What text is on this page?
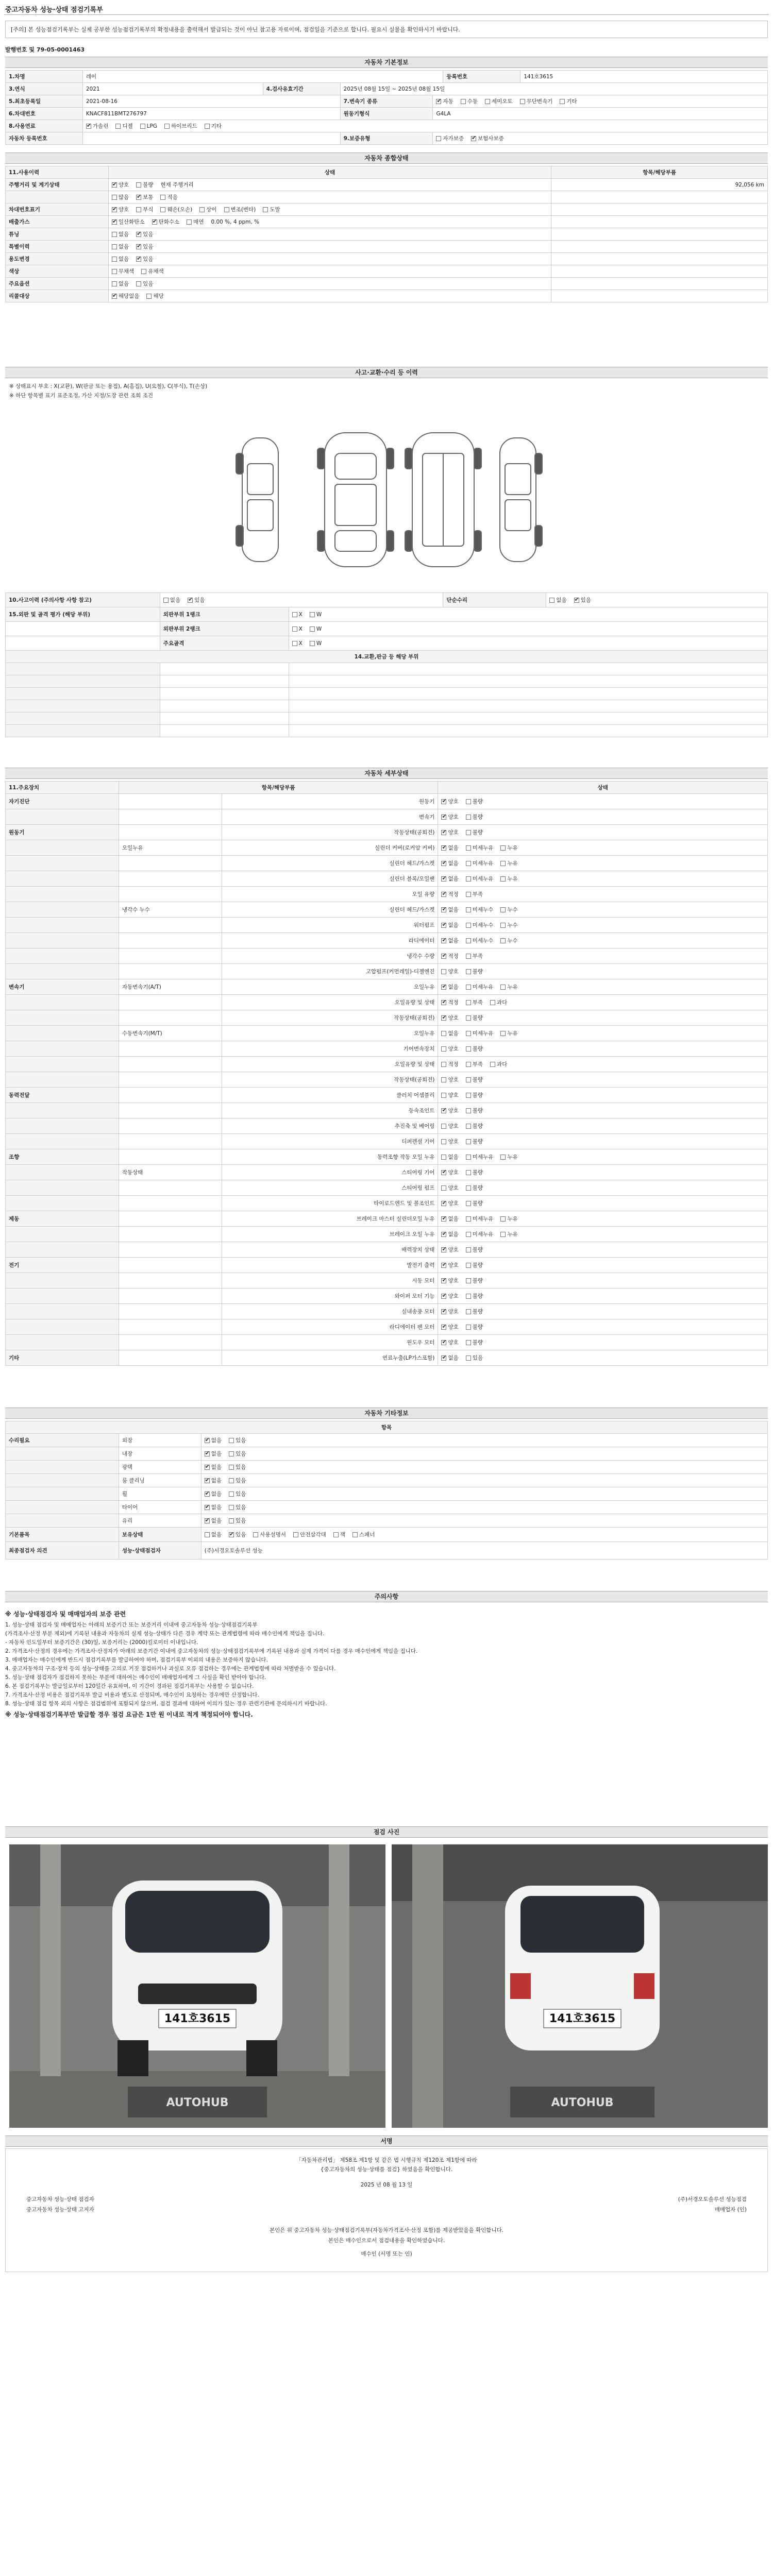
중고자동차 성능·상태 점검기록부
[주의] 본 성능점검기록부는 실제 공부한 성능점검기록부의 확정내용을 출력해서 발급되는 것이 아닌 참고용 자료이며, 점검일을 기준으로 합니다. 필요시 실물을 확인하시기 바랍니다.
발행번호 및 79-05-0001463
자동차 기본정보
1.차명	레이	등록번호	141호3615
3.연식	2021	4.검사유효기간	2025년 08월 15일 ~ 2025년 08월 15일
5.최초등록일	2021-08-16	7.변속기 종류 ✔	자동	수동	세미오토	무단변속기	기타
6.차대번호	KNACF811BMT276797	원동기형식	G4LA
8.사용연료 ✔	가솔린	디젤	LPG	하이브리드	기타
자동차 등록번호	9.보증유형	자가보증 ✔	보험사보증
자동차 종합상태
11.사용이력	상태	항목/해당부품
주행거리 및 계기상태 ✔	양호	불량 현재 주행거리	92,056 km
많음 ✔	보통	적음
차대번호표기 ✔	양호	부식	훼손(오손)	상이	변조(변타)	도말
배출가스 ✔	일산화탄소 ✔	탄화수소	매연 0.00 %, 4 ppm, %
튜닝	없음 ✔	있음
특별이력	없음 ✔	있음
용도변경	없음 ✔	있음
색상	무채색	유채색
주요옵션	없음	있음
리콜대상 ✔	해당없음	해당
사고·교환·수리 등 이력
※ 상태표시 부호 : X(교환), W(판금 또는 용접), A(흠집), U(요철), C(부식), T(손상)
※ 하단 항목별 표기 표준조정, 가산 지정/도장 관련 조회 조건
10.사고이력 (주의사항 사항 참고)	없음 ✔	있음	단순수리	없음 ✔	있음
15.외판 및 골격 평가 (해당 부위)	외판부위 1랭크	X	W
외판부위 2랭크	X	W
주요골격	X	W
14.교환,판금 등 해당 부위
자동차 세부상태
11.주요장치	항목/해당부품	상태
자기진단	원동기 ✔	양호	불량
변속기 ✔	양호	불량
원동기	작동상태(공회전) ✔	양호	불량
오일누유	실린더 커버(로커암 커버) ✔	없음	미세누유	누유
실린더 헤드/가스켓 ✔	없음	미세누유	누유
실린더 블록/오일팬 ✔	없음	미세누유	누유
오일 유량 ✔	적정	부족
냉각수 누수	실린더 헤드/가스켓 ✔	없음	미세누수	누수
워터펌프 ✔	없음	미세누수	누수
라디에이터 ✔	없음	미세누수	누수
냉각수 수량 ✔	적정	부족
고압펌프(커먼레일)-디젤엔진	양호	불량
변속기	자동변속기(A/T)	오일누유 ✔	없음	미세누유	누유
오일유량 및 상태 ✔	적정	부족	과다
작동상태(공회전) ✔	양호	불량
수동변속기(M/T)	오일누유	없음	미세누유	누유
기어변속장치	양호	불량
오일유량 및 상태	적정	부족	과다
작동상태(공회전)	양호	불량
동력전달	클러치 어셈블리	양호	불량
등속조인트 ✔	양호	불량
추진축 및 베어링	양호	불량
디퍼렌셜 기어	양호	불량
조향	동력조향 작동 오일 누유	없음	미세누유	누유
작동상태	스티어링 기어 ✔	양호	불량
스티어링 펌프	양호	불량
타이로드엔드 및 볼조인트 ✔	양호	불량
제동	브레이크 마스터 실린더오일 누유 ✔	없음	미세누유	누유
브레이크 오일 누유 ✔	없음	미세누유	누유
배력장치 상태 ✔	양호	불량
전기	발전기 출력 ✔	양호	불량
시동 모터 ✔	양호	불량
와이퍼 모터 기능 ✔	양호	불량
실내송풍 모터 ✔	양호	불량
라디에이터 팬 모터 ✔	양호	불량
윈도우 모터 ✔	양호	불량
기타	연료누출(LP가스포함) ✔	없음	있음
자동차 기타정보
항목
수리필요	외장 ✔	없음	있음
내장 ✔	없음	있음
광택 ✔	없음	있음
룸 클리닝 ✔	없음	있음
휠 ✔	없음	있음
타이어 ✔	없음	있음
유리 ✔	없음	있음
기본품목	보유상태	없음 ✔	있음	사용설명서	안전삼각대	잭	스패너
최종점검자 의견	성능·상태점검자	(주)서경오토솔루션 성능
주의사항

※ 성능·상태점검자 및 매매업자의 보증 관련

1. 성능·상태 점검자 및 매매업자는 아래의 보증기간 또는 보증거리 이내에 중고자동차 성능·상태점검기록부

(가격조사·산정 부분 제외)에 기록된 내용과 자동차의 실제 성능·상태가 다른 경우 계약 또는 관계법령에 따라 매수인에게 책임을 집니다.

- 자동차 인도일부터 보증기간은 (30)일, 보증거리는 (2000)킬로미터 이내입니다.

2. 가격조사·산정의 경우에는 가격조사·산정자가 아래의 보증기간 이내에 중고자동차의 성능·상태점검기록부에 기록된 내용과 실제 가격이 다를 경우 매수인에게 책임을 집니다.

3. 매매업자는 매수인에게 반드시 점검기록부를 발급하여야 하며, 점검기록부 이외의 내용은 보증하지 않습니다.

4. 중고자동차의 구조·장치 등의 성능·상태를 고의로 거짓 점검하거나 과실로 오류 점검하는 경우에는 관계법령에 따라 처벌받을 수 있습니다.

5. 성능·상태 점검자가 점검하지 못하는 부분에 대하여는 매수인이 매매업자에게 그 사실을 확인 받아야 합니다.

6. 본 점검기록부는 발급일로부터 120일간 유효하며, 이 기간이 경과된 점검기록부는 사용할 수 없습니다.

7. 가격조사·산정 비용은 점검기록부 발급 비용과 별도로 산정되며, 매수인이 요청하는 경우에만 산정합니다.

8. 성능·상태 점검 항목 외의 사항은 점검범위에 포함되지 않으며, 점검 결과에 대하여 이의가 있는 경우 관련기관에 문의하시기 바랍니다.

※ 성능·상태점검기록부만 발급할 경우 점검 요금은 1만 원 이내로 적게 책정되어야 합니다.

점검 사진
141호3615
AUTOHUB
141호3615
AUTOHUB
서명
「자동차관리법」 제58조 제1항 및 같은 법 시행규칙 제120조 제1항에 따라
{중고자동차의 성능·상태를 점검} 하였음을 확인합니다.
2025 년 08 월 13 일
중고자동차 성능·상태 점검자	(주)서경오토솔루션 성능점검
중고자동차 성능·상태 고지자	매매업자 (인)
본인은 위 중고자동차 성능·상태점검기록부(자동차가격조사·산정 포함)를 제공받았음을 확인합니다.
본인은 매수인으로서 점검내용을 확인하였습니다.
매수인 (서명 또는 인)
